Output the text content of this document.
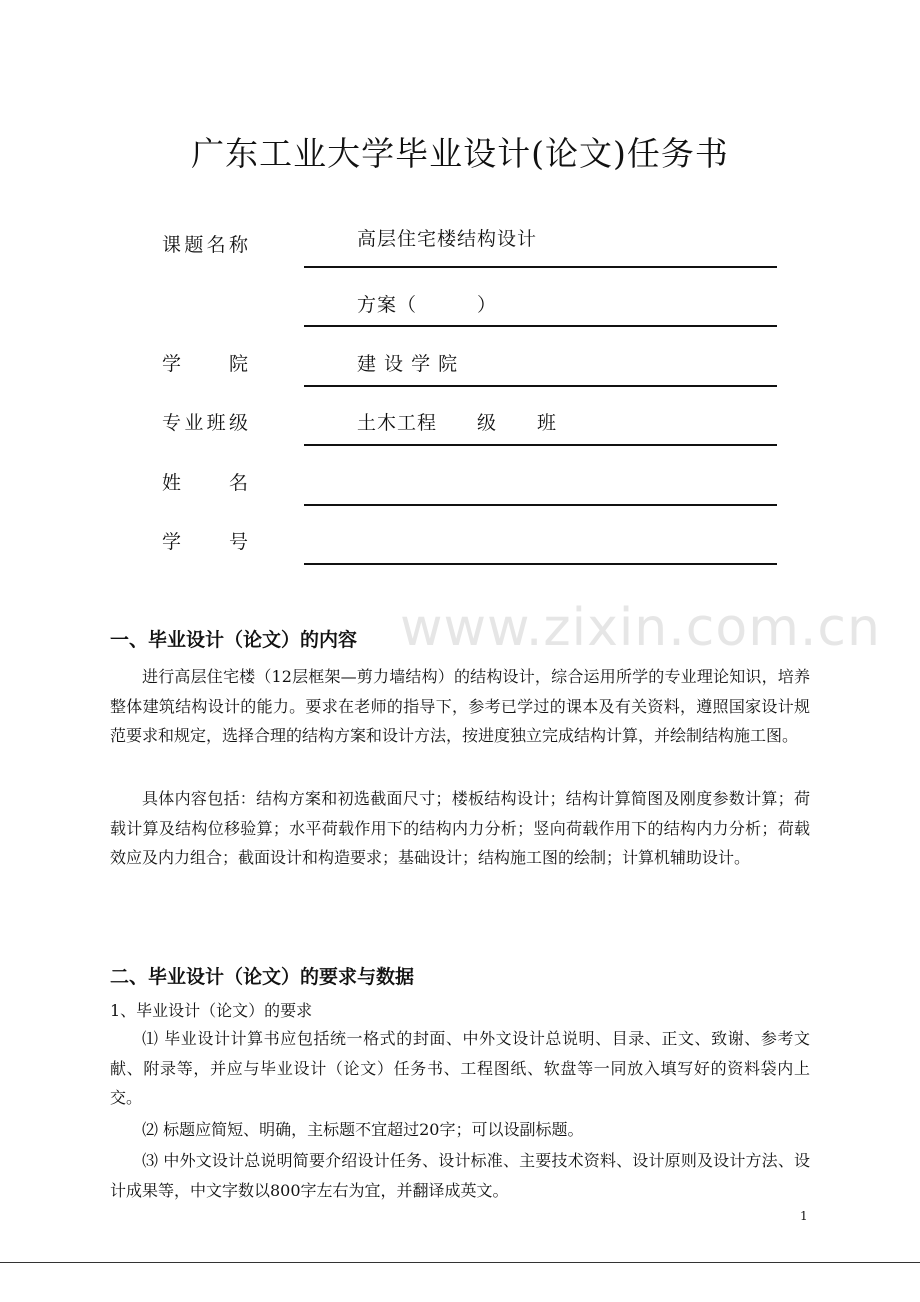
www.zixin.com.cn
广东工业大学毕业设计(论文)任务书
课题名称	高层住宅楼结构设计
方案（　　　）
学　院	建 设 学 院
专业班级	土木工程　　级　　班
姓　名
学　号
一、毕业设计（论文）的内容

进行高层住宅楼（12层框架—剪力墙结构）的结构设计，综合运用所学的专业理论知识，培养整体建筑结构设计的能力。要求在老师的指导下，参考已学过的课本及有关资料，遵照国家设计规范要求和规定，选择合理的结构方案和设计方法，按进度独立完成结构计算，并绘制结构施工图。

具体内容包括：结构方案和初选截面尺寸；楼板结构设计；结构计算简图及刚度参数计算；荷载计算及结构位移验算；水平荷载作用下的结构内力分析；竖向荷载作用下的结构内力分析；荷载效应及内力组合；截面设计和构造要求；基础设计；结构施工图的绘制；计算机辅助设计。

二、毕业设计（论文）的要求与数据

1、毕业设计（论文）的要求

⑴ 毕业设计计算书应包括统一格式的封面、中外文设计总说明、目录、正文、致谢、参考文献、附录等，并应与毕业设计（论文）任务书、工程图纸、软盘等一同放入填写好的资料袋内上交。

⑵ 标题应简短、明确，主标题不宜超过20字；可以设副标题。

⑶ 中外文设计总说明简要介绍设计任务、设计标准、主要技术资料、设计原则及设计方法、设计成果等，中文字数以800字左右为宜，并翻译成英文。

1
